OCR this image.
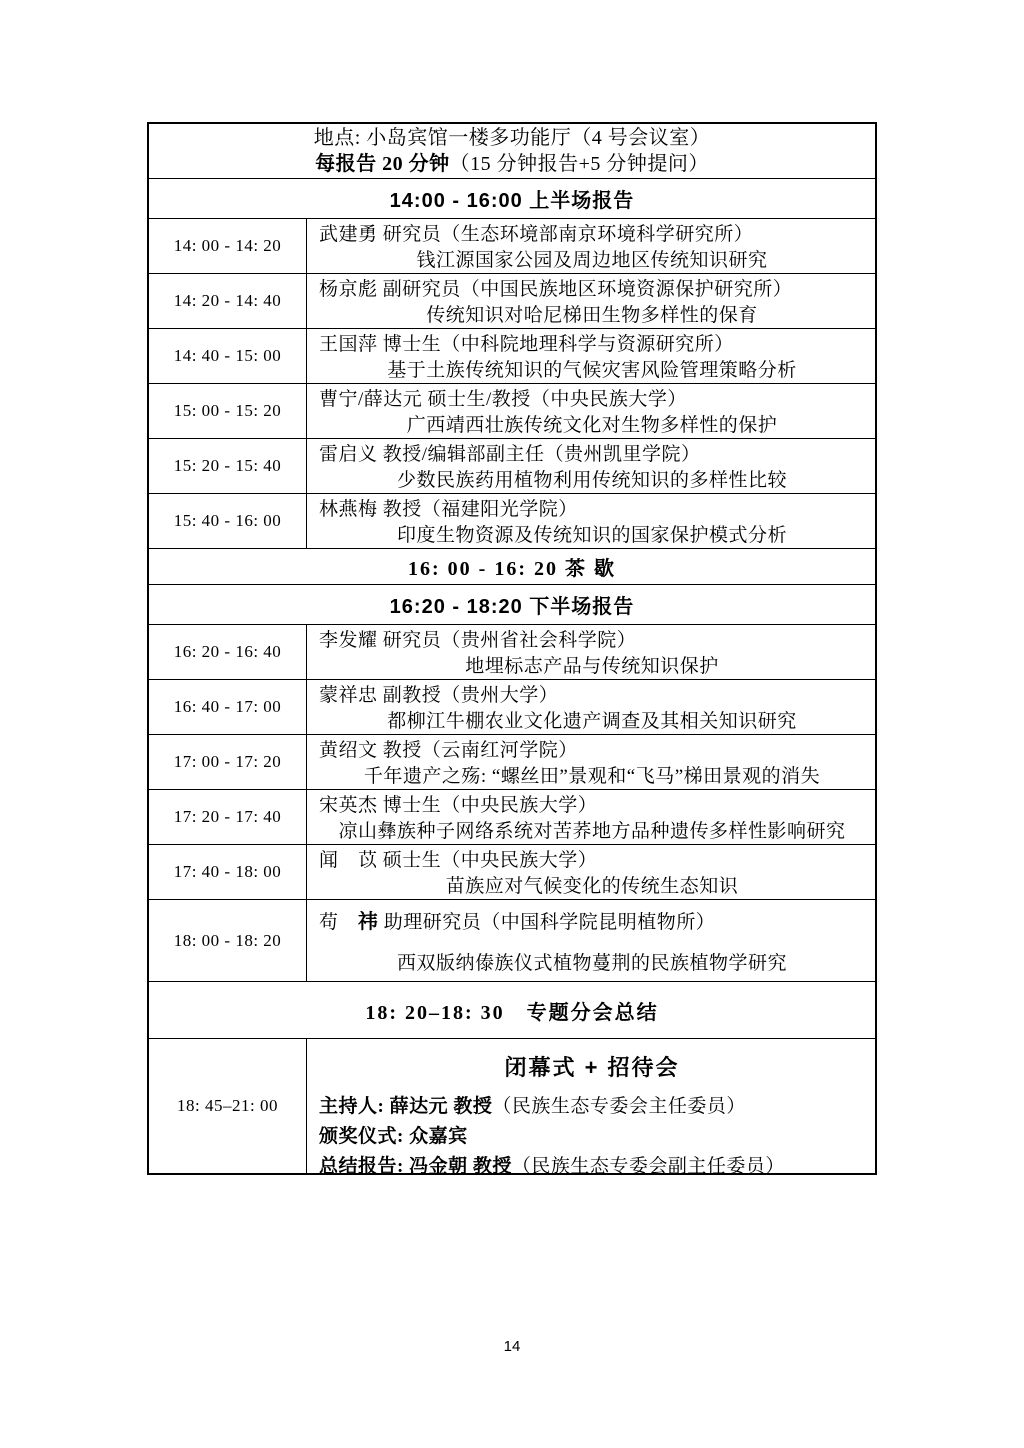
地点: 小岛宾馆一楼多功能厅（4 号会议室）
每报告 20 分钟（15 分钟报告+5 分钟提问）
14:00 - 16:00 上半场报告
14: 00 - 14: 20
武建勇 研究员（生态环境部南京环境科学研究所）
钱江源国家公园及周边地区传统知识研究
14: 20 - 14: 40
杨京彪 副研究员（中国民族地区环境资源保护研究所）
传统知识对哈尼梯田生物多样性的保育
14: 40 - 15: 00
王国萍 博士生（中科院地理科学与资源研究所）
基于土族传统知识的气候灾害风险管理策略分析
15: 00 - 15: 20
曹宁/薛达元 硕士生/教授（中央民族大学）
广西靖西壮族传统文化对生物多样性的保护
15: 20 - 15: 40
雷启义 教授/编辑部副主任（贵州凯里学院）
少数民族药用植物利用传统知识的多样性比较
15: 40 - 16: 00
林燕梅 教授（福建阳光学院）
印度生物资源及传统知识的国家保护模式分析
16: 00 - 16: 20 茶 歇
16:20 - 18:20 下半场报告
16: 20 - 16: 40
李发耀 研究员（贵州省社会科学院）
地埋标志产品与传统知识保护
16: 40 - 17: 00
蒙祥忠 副教授（贵州大学）
都柳江牛棚农业文化遗产调查及其相关知识研究
17: 00 - 17: 20
黄绍文 教授（云南红河学院）
千年遗产之殇: “螺丝田”景观和“飞马”梯田景观的消失
17: 20 - 17: 40
宋英杰 博士生（中央民族大学）
凉山彝族种子网络系统对苦荞地方品种遗传多样性影响研究
17: 40 - 18: 00
闻　苡 硕士生（中央民族大学）
苗族应对气候变化的传统生态知识
18: 00 - 18: 20
苟　祎 助理研究员（中国科学院昆明植物所）
西双版纳傣族仪式植物蔓荆的民族植物学研究
18: 20–18: 30　专题分会总结
18: 45–21: 00
闭幕式 + 招待会
主持人: 薛达元 教授（民族生态专委会主任委员）
颁奖仪式: 众嘉宾
总结报告: 冯金朝 教授（民族生态专委会副主任委员）
14
